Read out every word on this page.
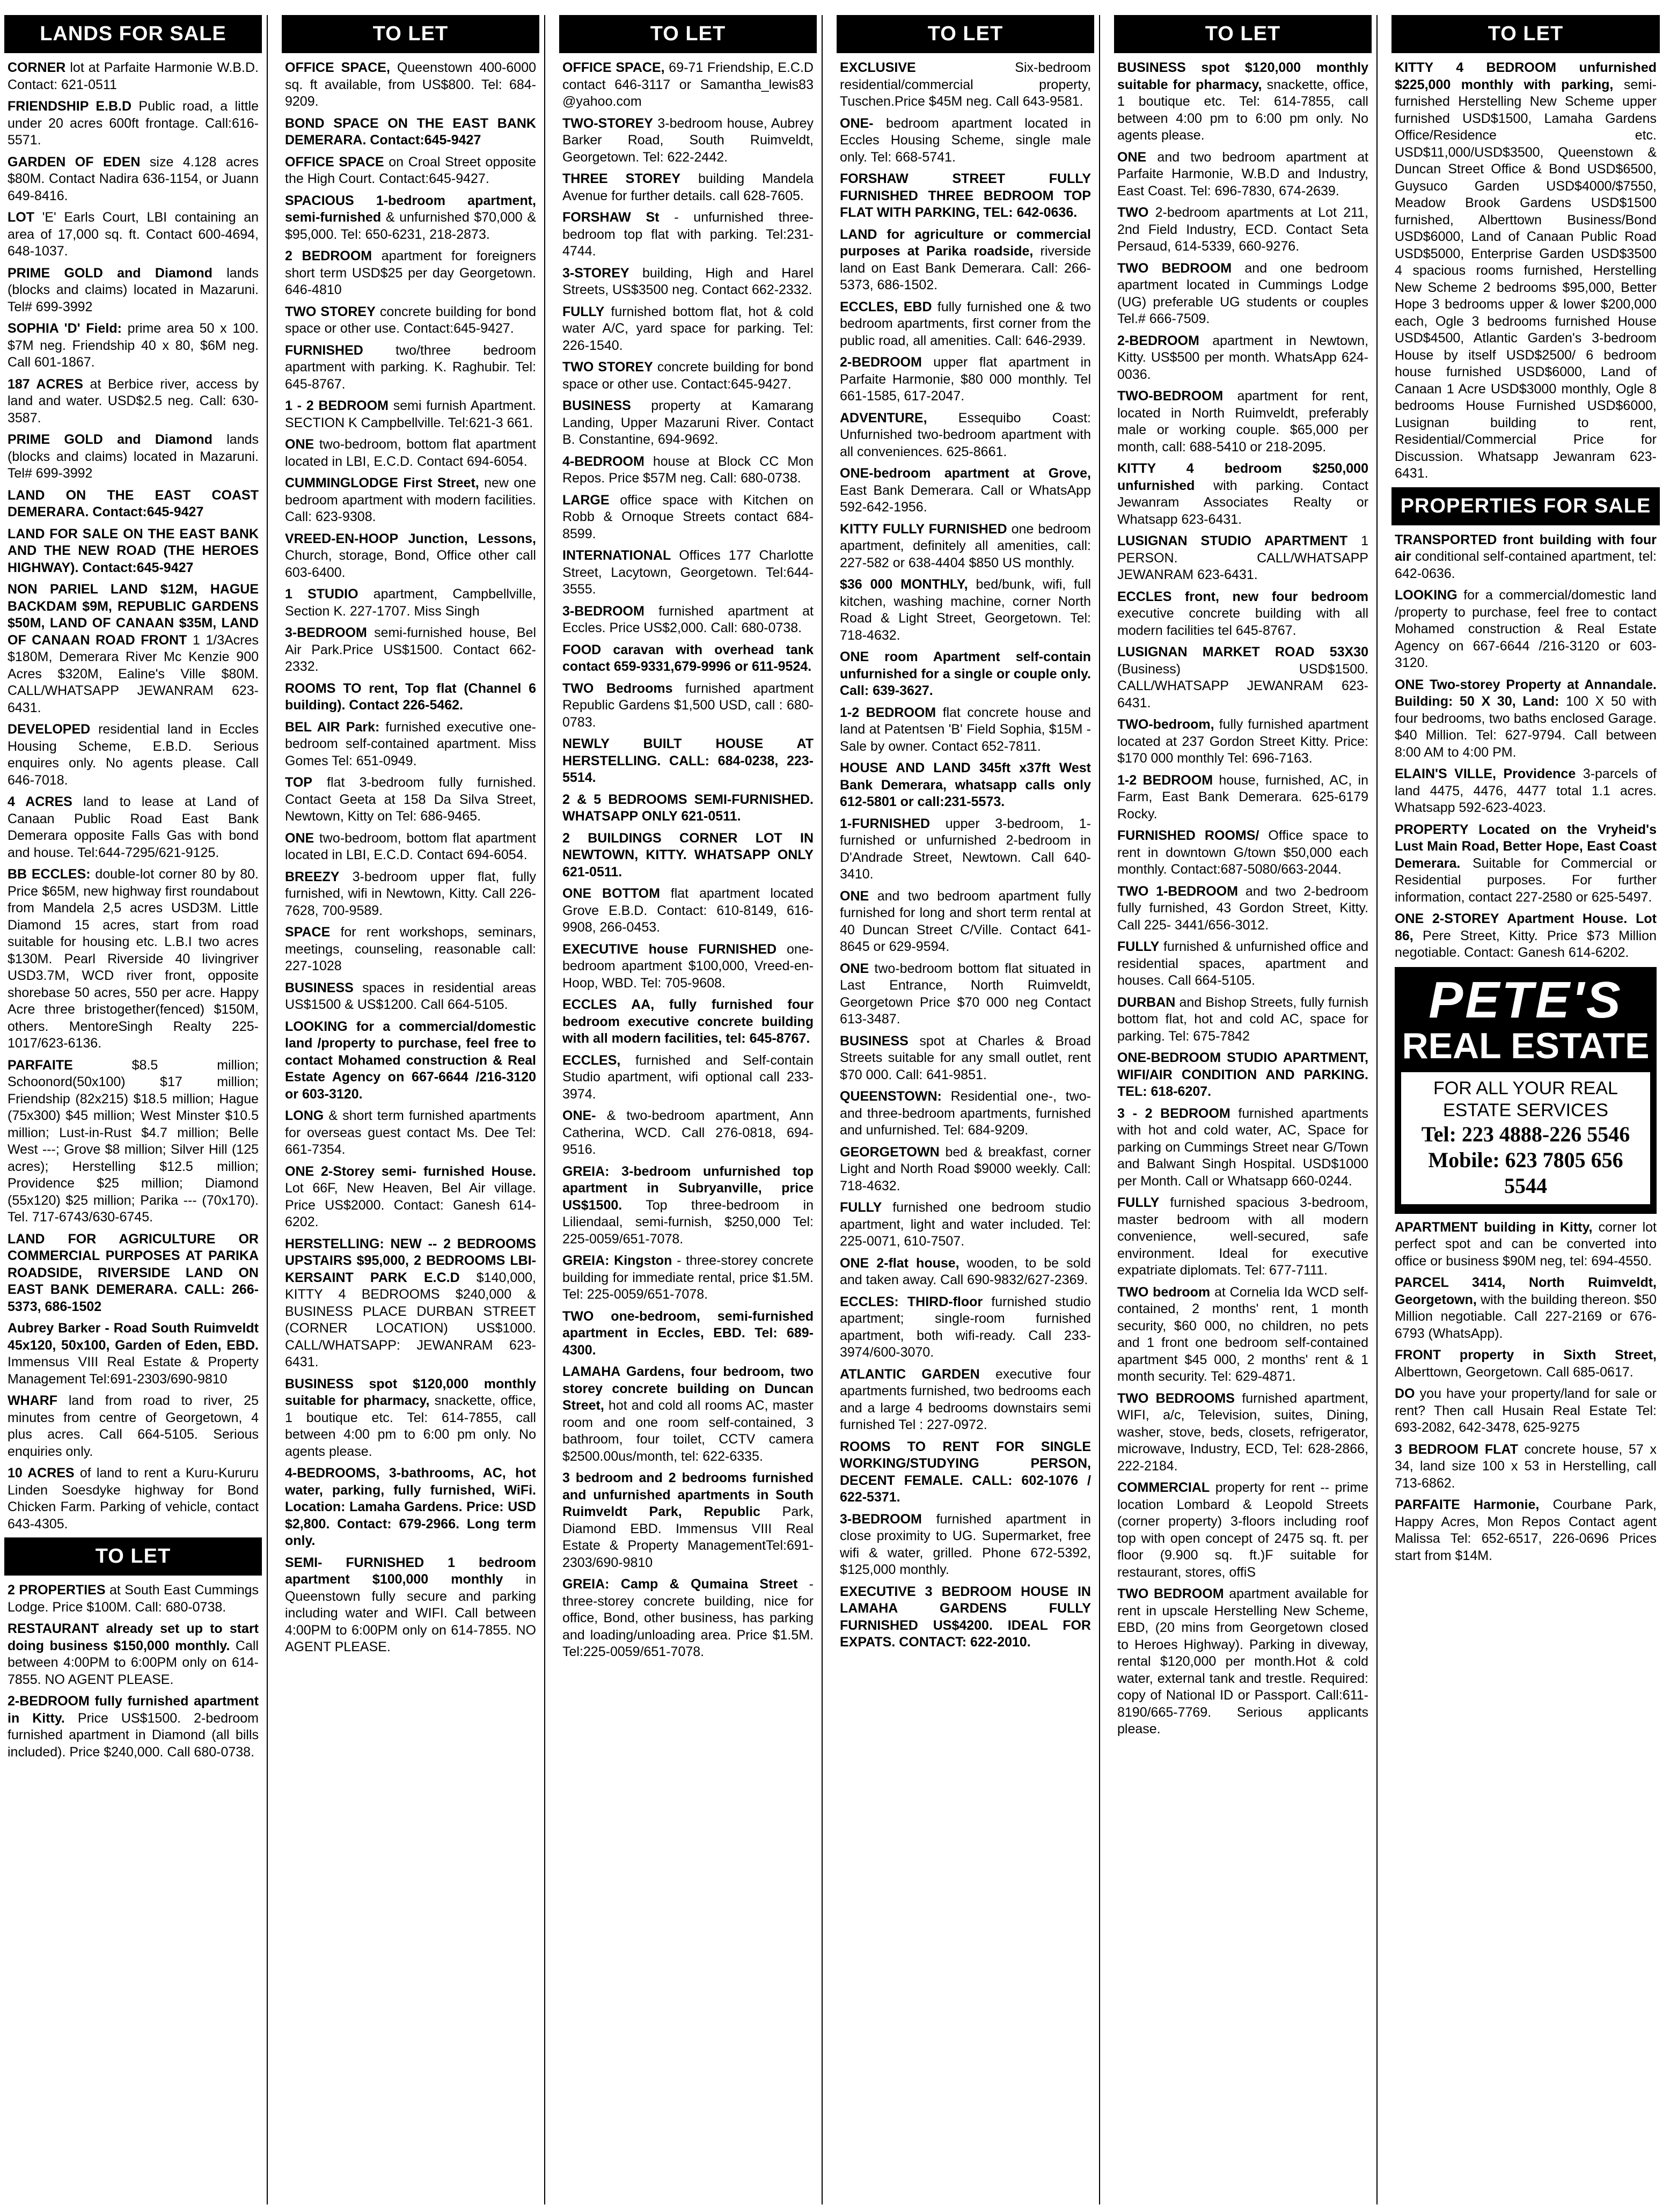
LANDS FOR SALE

CORNER lot at Parfaite Harmonie W.B.D. Contact: 621-0511

FRIENDSHIP E.B.D Public road, a little under 20 acres 600ft frontage. Call:616-5571.

GARDEN OF EDEN size 4.128 acres $80M. Contact Nadira 636-1154, or Juann 649-8416.

LOT 'E' Earls Court, LBI containing an area of 17,000 sq. ft. Contact 600-4694, 648-1037.

PRIME GOLD and Diamond lands (blocks and claims) located in Mazaruni. Tel# 699-3992

SOPHIA 'D' Field: prime area 50 x 100. $7M neg. Friendship 40 x 80, $6M neg. Call 601-1867.

187 ACRES at Berbice river, access by land and water. USD$2.5 neg. Call: 630-3587.

PRIME GOLD and Diamond lands (blocks and claims) located in Mazaruni. Tel# 699-3992

LAND ON THE EAST COAST DEMERARA. Contact:645-9427

LAND FOR SALE ON THE EAST BANK AND THE NEW ROAD (THE HEROES HIGHWAY). Contact:645-9427

NON PARIEL LAND $12M, HAGUE BACKDAM $9M, REPUBLIC GARDENS $50M, LAND OF CANAAN $35M, LAND OF CANAAN ROAD FRONT 1 1/3Acres $180M, Demerara River Mc Kenzie 900 Acres $320M, Ealine's Ville $80M. CALL/WHATSAPP JEWANRAM 623-6431.

DEVELOPED residential land in Eccles Housing Scheme, E.B.D. Serious enquires only. No agents please. Call 646-7018.

4 ACRES land to lease at Land of Canaan Public Road East Bank Demerara opposite Falls Gas with bond and house. Tel:644-7295/621-9125.

BB ECCLES: double-lot corner 80 by 80. Price $65M, new highway first roundabout from Mandela 2,5 acres USD3M. Little Diamond 15 acres, start from road suitable for housing etc. L.B.I two acres $130M. Pearl Riverside 40 livingriver USD3.7M, WCD river front, opposite shorebase 50 acres, 550 per acre. Happy Acre three bristogether(fenced) $150M, others. MentoreSingh Realty 225-1017/623-6136.

PARFAITE	$8.5 million; Schoonord(50x100) $17 million; Friendship (82x215) $18.5 million; Hague (75x300) $45 million; West Minster $10.5 million; Lust-in-Rust $4.7 million; Belle West ---; Grove $8 million; Silver Hill (125 acres); Herstelling $12.5 million; Providence $25 million; Diamond (55x120) $25 million; Parika --- (70x170). Tel. 717-6743/630-6745.

LAND FOR AGRICULTURE OR COMMERCIAL PURPOSES AT PARIKA ROADSIDE, RIVERSIDE LAND ON EAST BANK DEMERARA. CALL: 266-5373, 686-1502

Aubrey Barker - Road South Ruimveldt 45x120, 50x100, Garden of Eden, EBD. Immensus VIII Real Estate & Property Management Tel:691-2303/690-9810

WHARF land from road to river, 25 minutes from centre of Georgetown, 4 plus acres. Call 664-5105. Serious enquiries only.

10 ACRES of land to rent a Kuru-Kururu Linden Soesdyke highway for Bond Chicken Farm. Parking of vehicle, contact 643-4305.

TO LET

2 PROPERTIES at South East Cummings Lodge. Price $100M. Call: 680-0738.

RESTAURANT already set up to start doing business $150,000 monthly. Call between 4:00PM to 6:00PM only on 614-7855. NO AGENT PLEASE.

2-BEDROOM fully furnished apartment in Kitty. Price US$1500. 2-bedroom furnished apartment in Diamond (all bills included). Price $240,000. Call 680-0738.

TO LET

OFFICE SPACE, Queenstown 400-6000 sq. ft available, from US$800. Tel: 684-9209.

BOND SPACE ON THE EAST BANK DEMERARA. Contact:645-9427

OFFICE SPACE on Croal Street opposite the High Court. Contact:645-9427.

SPACIOUS 1-bedroom apartment, semi-furnished & unfurnished $70,000 & $95,000. Tel: 650-6231, 218-2873.

2 BEDROOM apartment for foreigners short term USD$25 per day Georgetown. 646-4810

TWO STOREY concrete building for bond space or other use. Contact:645-9427.

FURNISHED two/three bedroom apartment with parking. K. Raghubir. Tel: 645-8767.

1 - 2 BEDROOM semi furnish Apartment. SECTION K Campbellville. Tel:621-3 661.

ONE two-bedroom, bottom flat apartment located in LBI, E.C.D. Contact 694-6054.

CUMMINGLODGE First Street, new one bedroom apartment with modern facilities. Call: 623-9308.

VREED-EN-HOOP Junction, Lessons, Church, storage, Bond, Office other call 603-6400.

1 STUDIO apartment, Campbellville, Section K. 227-1707. Miss Singh

3-BEDROOM semi-furnished house, Bel Air Park.Price US$1500. Contact 662-2332.

ROOMS TO rent, Top flat (Channel 6 building). Contact 226-5462.

BEL AIR Park: furnished executive one-bedroom self-contained apartment. Miss Gomes Tel: 651-0949.

TOP flat 3-bedroom fully furnished. Contact Geeta at 158 Da Silva Street, Newtown, Kitty on Tel: 686-9465.

ONE two-bedroom, bottom flat apartment located in LBI, E.C.D. Contact 694-6054.

BREEZY 3-bedroom upper flat, fully furnished, wifi in Newtown, Kitty. Call 226-7628, 700-9589.

SPACE for rent workshops, seminars, meetings, counseling, reasonable call: 227-1028

BUSINESS spaces in residential areas US$1500 & US$1200. Call 664-5105.

LOOKING for a commercial/domestic land /property to purchase, feel free to contact Mohamed construction & Real Estate Agency on 667-6644 /216-3120 or 603-3120.

LONG & short term furnished apartments for overseas guest contact Ms. Dee Tel: 661-7354.

ONE 2-Storey semi- furnished House. Lot 66F, New Heaven, Bel Air village. Price US$2000. Contact: Ganesh 614-6202.

HERSTELLING: NEW -- 2 BEDROOMS UPSTAIRS $95,000, 2 BEDROOMS LBI-KERSAINT PARK E.C.D $140,000, KITTY 4 BEDROOMS $240,000 & BUSINESS PLACE DURBAN STREET (CORNER LOCATION) US$1000. CALL/WHATSAPP: JEWANRAM 623-6431.

BUSINESS spot $120,000 monthly suitable for pharmacy, snackette, office, 1 boutique etc. Tel: 614-7855, call between 4:00 pm to 6:00 pm only. No agents please.

4-BEDROOMS, 3-bathrooms, AC, hot water, parking, fully furnished, WiFi. Location: Lamaha Gardens. Price: USD $2,800. Contact: 679-2966. Long term only.

SEMI- FURNISHED 1 bedroom apartment $100,000 monthly in Queenstown fully secure and parking including water and WIFI. Call between 4:00PM to 6:00PM only on 614-7855. NO AGENT PLEASE.

TO LET

OFFICE SPACE, 69-71 Friendship, E.C.D contact 646-3117 or Samantha_lewis83 @yahoo.com

TWO-STOREY 3-bedroom house, Aubrey Barker Road, South Ruimveldt, Georgetown. Tel: 622-2442.

THREE STOREY building Mandela Avenue for further details. call 628-7605.

FORSHAW St - unfurnished three-bedroom top flat with parking. Tel:231-4744.

3-STOREY building, High and Harel Streets, US$3500 neg. Contact 662-2332.

FULLY furnished bottom flat, hot & cold water A/C, yard space for parking. Tel: 226-1540.

TWO STOREY concrete building for bond space or other use. Contact:645-9427.

BUSINESS property at Kamarang Landing, Upper Mazaruni River. Contact B. Constantine, 694-9692.

4-BEDROOM house at Block CC Mon Repos. Price $57M neg. Call: 680-0738.

LARGE office space with Kitchen on Robb & Ornoque Streets contact 684-8599.

INTERNATIONAL Offices 177 Charlotte Street, Lacytown, Georgetown. Tel:644-3555.

3-BEDROOM furnished apartment at Eccles. Price US$2,000. Call: 680-0738.

FOOD caravan with overhead tank contact 659-9331,679-9996 or 611-9524.

TWO Bedrooms furnished apartment Republic Gardens $1,500 USD, call : 680-0783.

NEWLY BUILT HOUSE AT HERSTELLING. CALL: 684-0238, 223-5514.

2 & 5 BEDROOMS SEMI-FURNISHED. WHATSAPP ONLY 621-0511.

2 BUILDINGS CORNER LOT IN NEWTOWN, KITTY. WHATSAPP ONLY 621-0511.

ONE BOTTOM flat apartment located Grove E.B.D. Contact: 610-8149, 616-9908, 266-0453.

EXECUTIVE house FURNISHED one-bedroom apartment $100,000, Vreed-en-Hoop, WBD. Tel: 705-9608.

ECCLES AA, fully furnished four bedroom executive concrete building with all modern facilities, tel: 645-8767.

ECCLES, furnished and Self-contain Studio apartment, wifi optional call 233-3974.

ONE- & two-bedroom apartment, Ann Catherina, WCD. Call 276-0818, 694-9516.

GREIA: 3-bedroom unfurnished top apartment in Subryanville, price US$1500. Top three-bedroom in Liliendaal, semi-furnish, $250,000 Tel: 225-0059/651-7078.

GREIA: Kingston - three-storey concrete building for immediate rental, price $1.5M. Tel: 225-0059/651-7078.

TWO one-bedroom, semi-furnished apartment in Eccles, EBD. Tel: 689-4300.

LAMAHA Gardens, four bedroom, two storey concrete building on Duncan Street, hot and cold all rooms AC, master room and one room self-contained, 3 bathroom, four toilet, CCTV camera $2500.00us/month, tel: 622-6335.

3 bedroom and 2 bedrooms furnished and unfurnished apartments in South Ruimveldt Park, Republic Park, Diamond EBD. Immensus VIII Real Estate & Property ManagementTel:691-2303/690-9810

GREIA: Camp & Qumaina Street - three-storey concrete building, nice for office, Bond, other business, has parking and loading/unloading area. Price $1.5M. Tel:225-0059/651-7078.

TO LET

EXCLUSIVE	Six-bedroom residential/commercial property, Tuschen.Price $45M neg. Call 643-9581.

ONE- bedroom apartment located in Eccles Housing Scheme, single male only. Tel: 668-5741.

FORSHAW STREET FULLY FURNISHED THREE BEDROOM TOP FLAT WITH PARKING, TEL: 642-0636.

LAND for agriculture or commercial purposes at Parika roadside, riverside land on East Bank Demerara. Call: 266-5373, 686-1502.

ECCLES, EBD fully furnished one & two bedroom apartments, first corner from the public road, all amenities. Call: 646-2939.

2-BEDROOM upper flat apartment in Parfaite Harmonie, $80 000 monthly. Tel 661-1585, 617-2047.

ADVENTURE, Essequibo Coast: Unfurnished two-bedroom apartment with all conveniences. 625-8661.

ONE-bedroom apartment at Grove, East Bank Demerara. Call or WhatsApp 592-642-1956.

KITTY FULLY FURNISHED one bedroom apartment, definitely all amenities, call: 227-582 or 638-4404 $850 US monthly.

$36 000 MONTHLY, bed/bunk, wifi, full kitchen, washing machine, corner North Road & Light Street, Georgetown. Tel: 718-4632.

ONE room Apartment self-contain unfurnished for a single or couple only. Call: 639-3627.

1-2 BEDROOM flat concrete house and land at Patentsen 'B' Field Sophia, $15M - Sale by owner. Contact 652-7811.

HOUSE AND LAND 345ft x37ft West Bank Demerara, whatsapp calls only 612-5801 or call:231-5573.

1-FURNISHED upper 3-bedroom, 1-furnished or unfurnished 2-bedroom in D'Andrade Street, Newtown. Call 640-3410.

ONE and two bedroom apartment fully furnished for long and short term rental at 40 Duncan Street C/Ville. Contact 641-8645 or 629-9594.

ONE two-bedroom bottom flat situated in Last Entrance, North Ruimveldt, Georgetown Price $70 000 neg Contact 613-3487.

BUSINESS spot at Charles & Broad Streets suitable for any small outlet, rent $70 000. Call: 641-9851.

QUEENSTOWN: Residential one-, two- and three-bedroom apartments, furnished and unfurnished. Tel: 684-9209.

GEORGETOWN bed & breakfast, corner Light and North Road $9000 weekly. Call: 718-4632.

FULLY furnished one bedroom studio apartment, light and water included. Tel: 225-0071, 610-7507.

ONE 2-flat house, wooden, to be sold and taken away. Call 690-9832/627-2369.

ECCLES: THIRD-floor furnished studio apartment; single-room furnished apartment, both wifi-ready. Call 233-3974/600-3070.

ATLANTIC GARDEN executive four apartments furnished, two bedrooms each and a large 4 bedrooms downstairs semi furnished Tel : 227-0972.

ROOMS TO RENT FOR SINGLE WORKING/STUDYING PERSON, DECENT FEMALE. CALL: 602-1076 / 622-5371.

3-BEDROOM furnished apartment in close proximity to UG. Supermarket, free wifi & water, grilled. Phone 672-5392, $125,000 monthly.

EXECUTIVE 3 BEDROOM HOUSE IN LAMAHA GARDENS FULLY FURNISHED US$4200. IDEAL FOR EXPATS. CONTACT: 622-2010.

TO LET

BUSINESS spot $120,000 monthly suitable for pharmacy, snackette, office, 1 boutique etc. Tel: 614-7855, call between 4:00 pm to 6:00 pm only. No agents please.

ONE and two bedroom apartment at Parfaite Harmonie, W.B.D and Industry, East Coast. Tel: 696-7830, 674-2639.

TWO 2-bedroom apartments at Lot 211, 2nd Field Industry, ECD. Contact Seta Persaud, 614-5339, 660-9276.

TWO BEDROOM and one bedroom apartment located in Cummings Lodge (UG) preferable UG students or couples Tel.# 666-7509.

2-BEDROOM apartment in Newtown, Kitty. US$500 per month. WhatsApp 624-0036.

TWO-BEDROOM apartment for rent, located in North Ruimveldt, preferably male or working couple. $65,000 per month, call: 688-5410 or 218-2095.

KITTY 4 bedroom $250,000 unfurnished with parking. Contact Jewanram Associates Realty or Whatsapp 623-6431.

LUSIGNAN STUDIO APARTMENT 1 PERSON. CALL/WHATSAPP JEWANRAM 623-6431.

ECCLES front, new four bedroom executive concrete building with all modern facilities tel 645-8767.

LUSIGNAN MARKET ROAD 53X30 (Business) USD$1500. CALL/WHATSAPP JEWANRAM 623-6431.

TWO-bedroom, fully furnished apartment located at 237 Gordon Street Kitty. Price: $170 000 monthly Tel: 696-7163.

1-2 BEDROOM house, furnished, AC, in Farm, East Bank Demerara. 625-6179 Rocky.

FURNISHED ROOMS/ Office space to rent in downtown G/town $50,000 each monthly. Contact:687-5080/663-2044.

TWO 1-BEDROOM and two 2-bedroom fully furnished, 43 Gordon Street, Kitty. Call 225- 3441/656-3012.

FULLY furnished & unfurnished office and residential spaces, apartment and houses. Call 664-5105.

DURBAN and Bishop Streets, fully furnish bottom flat, hot and cold AC, space for parking. Tel: 675-7842

ONE-BEDROOM STUDIO APARTMENT, WIFI/AIR CONDITION AND PARKING. TEL: 618-6207.

3 - 2 BEDROOM furnished apartments with hot and cold water, AC, Space for parking on Cummings Street near G/Town and Balwant Singh Hospital. USD$1000 per Month. Call or Whatsapp 660-0244.

FULLY furnished spacious 3-bedroom, master bedroom with all modern convenience, well-secured, safe environment. Ideal for executive expatriate diplomats. Tel: 677-7111.

TWO bedroom at Cornelia Ida WCD self-contained, 2 months' rent, 1 month security, $60 000, no children, no pets and 1 front one bedroom self-contained apartment $45 000, 2 months' rent & 1 month security. Tel: 629-4871.

TWO BEDROOMS furnished apartment, WIFI, a/c, Television, suites, Dining, washer, stove, beds, closets, refrigerator, microwave, Industry, ECD, Tel: 628-2866, 222-2184.

COMMERCIAL property for rent -- prime location Lombard & Leopold Streets (corner property) 3-floors including roof top with open concept of 2475 sq. ft. per floor (9.900 sq. ft.)F suitable for restaurant, stores, offiS

TWO BEDROOM apartment available for rent in upscale Herstelling New Scheme, EBD, (20 mins from Georgetown closed to Heroes Highway). Parking in diveway, rental $120,000 per month.Hot & cold water, external tank and trestle. Required: copy of National ID or Passport. Call:611-8190/665-7769. Serious applicants please.

TO LET

KITTY 4 BEDROOM unfurnished $225,000 monthly with parking, semi-furnished Herstelling New Scheme upper furnished USD$1500, Lamaha Gardens Office/Residence etc. USD$11,000/USD$3500, Queenstown & Duncan Street Office & Bond USD$6500, Guysuco Garden USD$4000/$7550, Meadow Brook Gardens USD$1500 furnished, Alberttown Business/Bond USD$6000, Land of Canaan Public Road USD$5000, Enterprise Garden USD$3500 4 spacious rooms furnished, Herstelling New Scheme 2 bedrooms $95,000, Better Hope 3 bedrooms upper & lower $200,000 each, Ogle 3 bedrooms furnished House USD$4500, Atlantic Garden's 3-bedroom House by itself USD$2500/ 6 bedroom house furnished USD$6000, Land of Canaan 1 Acre USD$3000 monthly, Ogle 8 bedrooms House Furnished USD$6000, Lusignan building to rent, Residential/Commercial Price for Discussion. Whatsapp Jewanram 623-6431.

PROPERTIES FOR SALE

TRANSPORTED front building with four air conditional self-contained apartment, tel: 642-0636.

LOOKING for a commercial/domestic land /property to purchase, feel free to contact Mohamed construction & Real Estate Agency on 667-6644 /216-3120 or 603-3120.

ONE Two-storey Property at Annandale. Building: 50 X 30, Land: 100 X 50 with four bedrooms, two baths enclosed Garage. $40 Million. Tel: 627-9794. Call between 8:00 AM to 4:00 PM.

ELAIN'S VILLE, Providence 3-parcels of land 4475, 4476, 4477 total 1.1 acres. Whatsapp 592-623-4023.

PROPERTY Located on the Vryheid's Lust Main Road, Better Hope, East Coast Demerara. Suitable for Commercial or Residential purposes. For further information, contact 227-2580 or 625-5497.

ONE 2-STOREY Apartment House. Lot 86, Pere Street, Kitty. Price $73 Million negotiable. Contact: Ganesh 614-6202.

PETE'S
REAL ESTATE
FOR ALL YOUR REAL ESTATE SERVICES
Tel: 223 4888-226 5546
Mobile: 623 7805 656 5544

APARTMENT building in Kitty, corner lot perfect spot and can be converted into office or business $90M neg, tel: 694-4550.

PARCEL 3414, North Ruimveldt, Georgetown, with the building thereon. $50 Million negotiable. Call 227-2169 or 676-6793 (WhatsApp).

FRONT property in Sixth Street, Alberttown, Georgetown. Call 685-0617.

DO you have your property/land for sale or rent? Then call Husain Real Estate Tel: 693-2082, 642-3478, 625-9275

3 BEDROOM FLAT concrete house, 57 x 34, land size 100 x 53 in Herstelling, call 713-6862.

PARFAITE Harmonie, Courbane Park, Happy Acres, Mon Repos Contact agent Malissa Tel: 652-6517, 226-0696 Prices start from $14M.
